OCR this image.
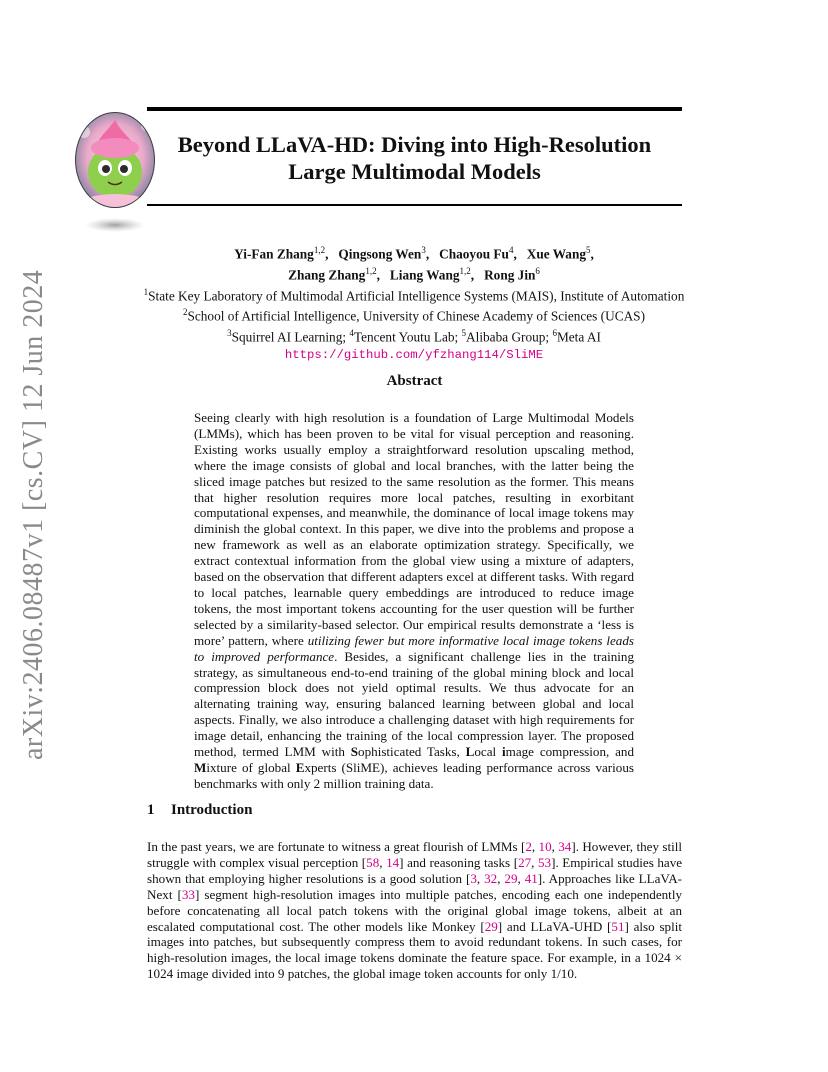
arXiv:2406.08487v1 [cs.CV] 12 Jun 2024
Beyond LLaVA-HD: Diving into High-Resolution
Large Multimodal Models
Yi-Fan Zhang$^{1,2}$, Qingsong Wen$^3$, Chaoyou Fu$^4$, Xue Wang$^5$,
Zhang Zhang$^{1,2}$, Liang Wang$^{1,2}$, Rong Jin$^6$
$^1$State Key Laboratory of Multimodal Artificial Intelligence Systems (MAIS), Institute of Automation
$^2$School of Artificial Intelligence, University of Chinese Academy of Sciences (UCAS)
$^3$Squirrel AI Learning; $^4$Tencent Youtu Lab; $^5$Alibaba Group; $^6$Meta AI
https://github.com/yfzhang114/SliME
Abstract
Seeing clearly with high resolution is a foundation of Large Multimodal Models (LMMs), which has been proven to be vital for visual perception and reasoning. Existing works usually employ a straightforward resolution upscaling method, where the image consists of global and local branches, with the latter being the sliced image patches but resized to the same resolution as the former. This means that higher resolution requires more local patches, resulting in exorbitant computational expenses, and meanwhile, the dominance of local image tokens may diminish the global context. In this paper, we dive into the problems and propose a new framework as well as an elaborate optimization strategy. Specifically, we extract contextual information from the global view using a mixture of adapters, based on the observation that different adapters excel at different tasks. With regard to local patches, learnable query embeddings are introduced to reduce image tokens, the most important tokens accounting for the user question will be further selected by a similarity-based selector. Our empirical results demonstrate a ‘less is more’ pattern, where utilizing fewer but more informative local image tokens leads to improved performance. Besides, a significant challenge lies in the training strategy, as simultaneous end-to-end training of the global mining block and local compression block does not yield optimal results. We thus advocate for an alternating training way, ensuring balanced learning between global and local aspects. Finally, we also introduce a challenging dataset with high requirements for image detail, enhancing the training of the local compression layer. The proposed method, termed LMM with Sophisticated Tasks, Local image compression, and Mixture of global Experts (SliME), achieves leading performance across various benchmarks with only 2 million training data.
1 Introduction
In the past years, we are fortunate to witness a great flourish of LMMs [2, 10, 34]. However, they still struggle with complex visual perception [58, 14] and reasoning tasks [27, 53]. Empirical studies have shown that employing higher resolutions is a good solution [3, 32, 29, 41]. Approaches like LLaVA-Next [33] segment high-resolution images into multiple patches, encoding each one independently before concatenating all local patch tokens with the original global image tokens, albeit at an escalated computational cost. The other models like Monkey [29] and LLaVA-UHD [51] also split images into patches, but subsequently compress them to avoid redundant tokens. In such cases, for high-resolution images, the local image tokens dominate the feature space. For example, in a 1024 × 1024 image divided into 9 patches, the global image token accounts for only 1/10.
